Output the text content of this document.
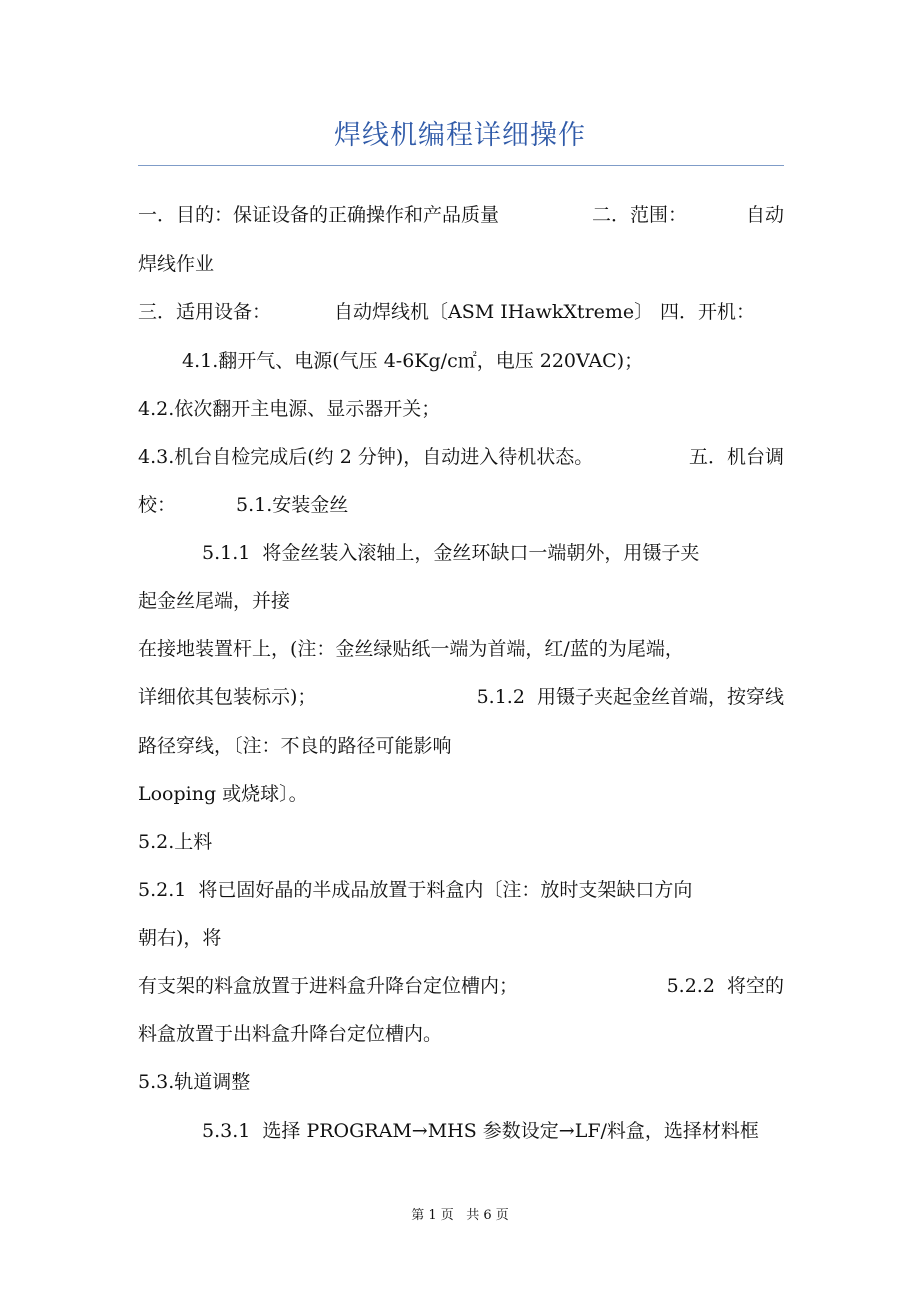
焊线机编程详细操作

一．目的：保证设备的正确操作和产品质量

	二．范围：

	自动

焊线作业

三．适用设备：

	自动焊线机〔ASM IHawkXtreme〕

四．开机：

4.1.翻开气、电源(气压 4-6Kg/c㎡，电压 220VAC)；
4.2.依次翻开主电源、显示器开关；

4.3.机台自检完成后(约 2 分钟)，自动进入待机状态。

	五．机台调

校：

	5.1.安装金丝

5.1.1  将金丝装入滚轴上，金丝环缺口一端朝外，用镊子夹
起金丝尾端，并接
在接地装置杆上，(注：金丝绿贴纸一端为首端，红/蓝的为尾端，

详细依其包装标示)；

	5.1.2  用镊子夹起金丝首端，按穿线

路径穿线，〔注：不良的路径可能影响
Looping 或烧球〕。
5.2.上料
5.2.1  将已固好晶的半成品放置于料盒内〔注：放时支架缺口方向
朝右)，将

有支架的料盒放置于进料盒升降台定位槽内；

	5.2.2  将空的

料盒放置于出料盒升降台定位槽内。
5.3.轨道调整
5.3.1  选择 PROGRAM→MHS 参数设定→LF/料盒，选择材料框
第 1 页   共 6 页
